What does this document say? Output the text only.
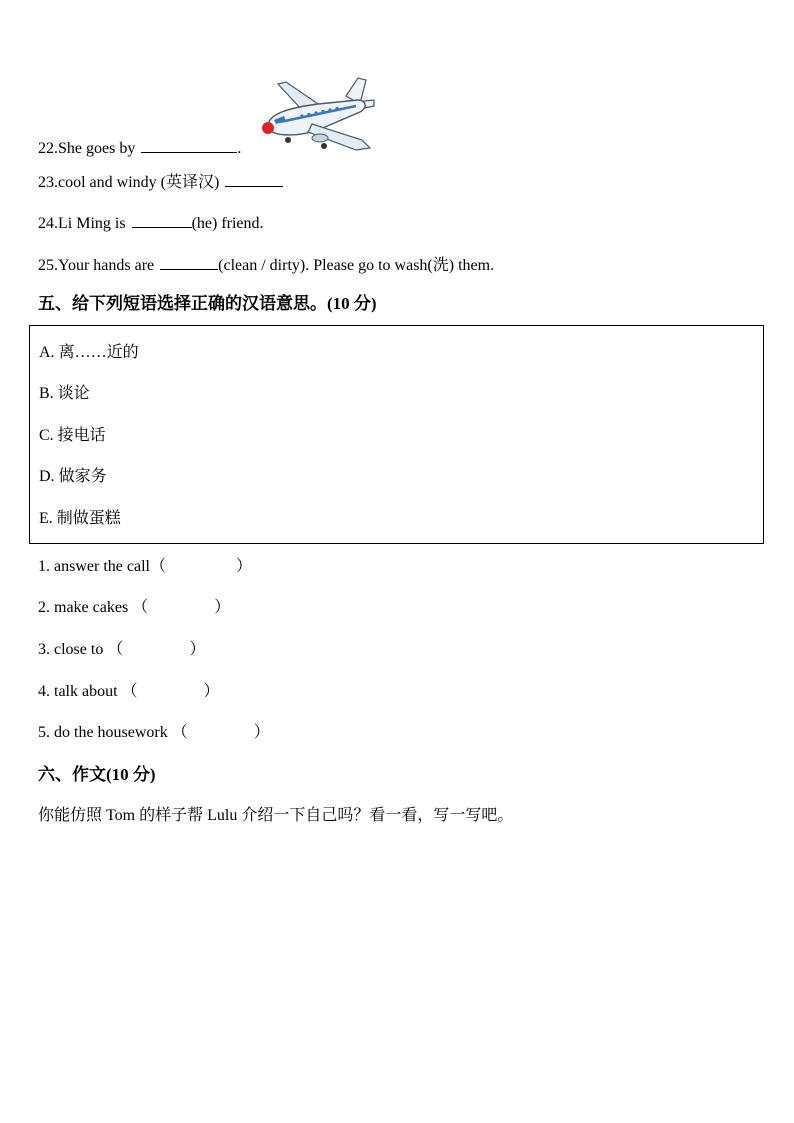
22.She goes by	.
23.cool and windy (英译汉)
24.Li Ming is	(he) friend.
25.Your hands are	(clean / dirty). Please go to wash(洗) them.
五、给下列短语选择正确的汉语意思。(10 分)
A. 离……近的
B. 谈论
C. 接电话
D. 做家务
E. 制做蛋糕
1. answer the call（	）
2. make cakes （	）
3. close to （	）
4. talk about （	）
5. do the housework （	）
六、作文(10 分)
你能仿照 Tom 的样子帮 Lulu 介绍一下自己吗？看一看，写一写吧。
